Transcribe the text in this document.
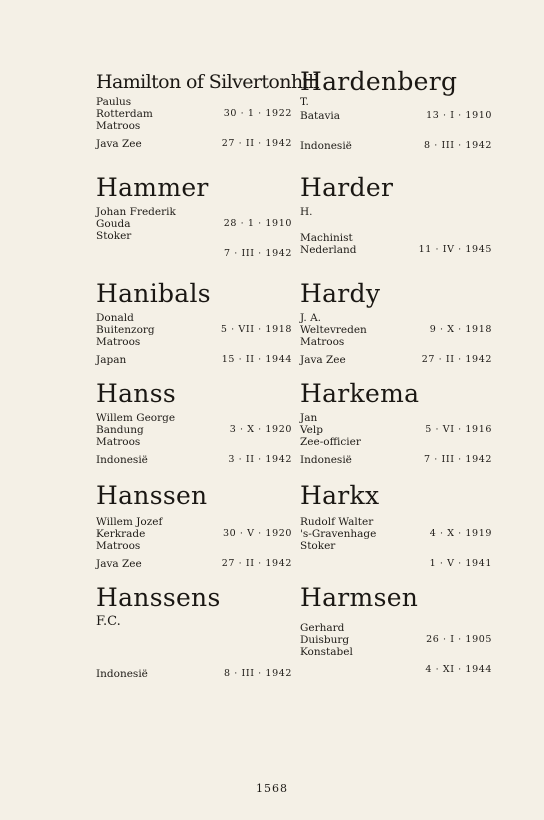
Hamilton of Silvertonhill
Paulus
Rotterdam	30 · 1 · 1922
Matroos
Java Zee	27 · II · 1942
Hammer
Johan Frederik
Gouda	28 · 1 · 1910
Stoker
7 · III · 1942
Hanibals
Donald
Buitenzorg	5 · VII · 1918
Matroos
Japan	15 · II · 1944
Hanss
Willem George
Bandung	3 · X · 1920
Matroos
Indonesië	3 · II · 1942
Hanssen
Willem Jozef
Kerkrade	30 · V · 1920
Matroos
Java Zee	27 · II · 1942
Hanssens
F.C.
Indonesië	8 · III · 1942
Hardenberg
T.
Batavia	13 · I · 1910
Indonesië	8 · III · 1942
Harder
H.
Machinist
Nederland	11 · IV · 1945
Hardy
J. A.
Weltevreden	9 · X · 1918
Matroos
Java Zee	27 · II · 1942
Harkema
Jan
Velp	5 · VI · 1916
Zee-officier
Indonesië	7 · III · 1942
Harkx
Rudolf Walter
's-Gravenhage	4 · X · 1919
Stoker
1 · V · 1941
Harmsen
Gerhard
Duisburg	26 · I · 1905
Konstabel
4 · XI · 1944
1568
